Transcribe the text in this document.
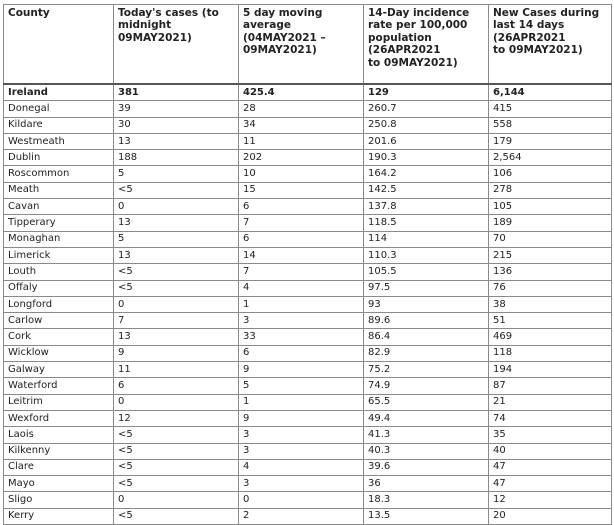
County	Today's cases (to
midnight
09MAY2021)	5 day moving
average
(04MAY2021 –
09MAY2021)	14-Day incidence
rate per 100,000
population
(26APR2021
to 09MAY2021)	New Cases during
last 14 days
(26APR2021
to 09MAY2021)

Ireland	381	425.4	129	6,144
Donegal	39	28	260.7	415
Kildare	30	34	250.8	558
Westmeath	13	11	201.6	179
Dublin	188	202	190.3	2,564
Roscommon	5	10	164.2	106
Meath	<5	15	142.5	278
Cavan	0	6	137.8	105
Tipperary	13	7	118.5	189
Monaghan	5	6	114	70
Limerick	13	14	110.3	215
Louth	<5	7	105.5	136
Offaly	<5	4	97.5	76
Longford	0	1	93	38
Carlow	7	3	89.6	51
Cork	13	33	86.4	469
Wicklow	9	6	82.9	118
Galway	11	9	75.2	194
Waterford	6	5	74.9	87
Leitrim	0	1	65.5	21
Wexford	12	9	49.4	74
Laois	<5	3	41.3	35
Kilkenny	<5	3	40.3	40
Clare	<5	4	39.6	47
Mayo	<5	3	36	47
Sligo	0	0	18.3	12
Kerry	<5	2	13.5	20
